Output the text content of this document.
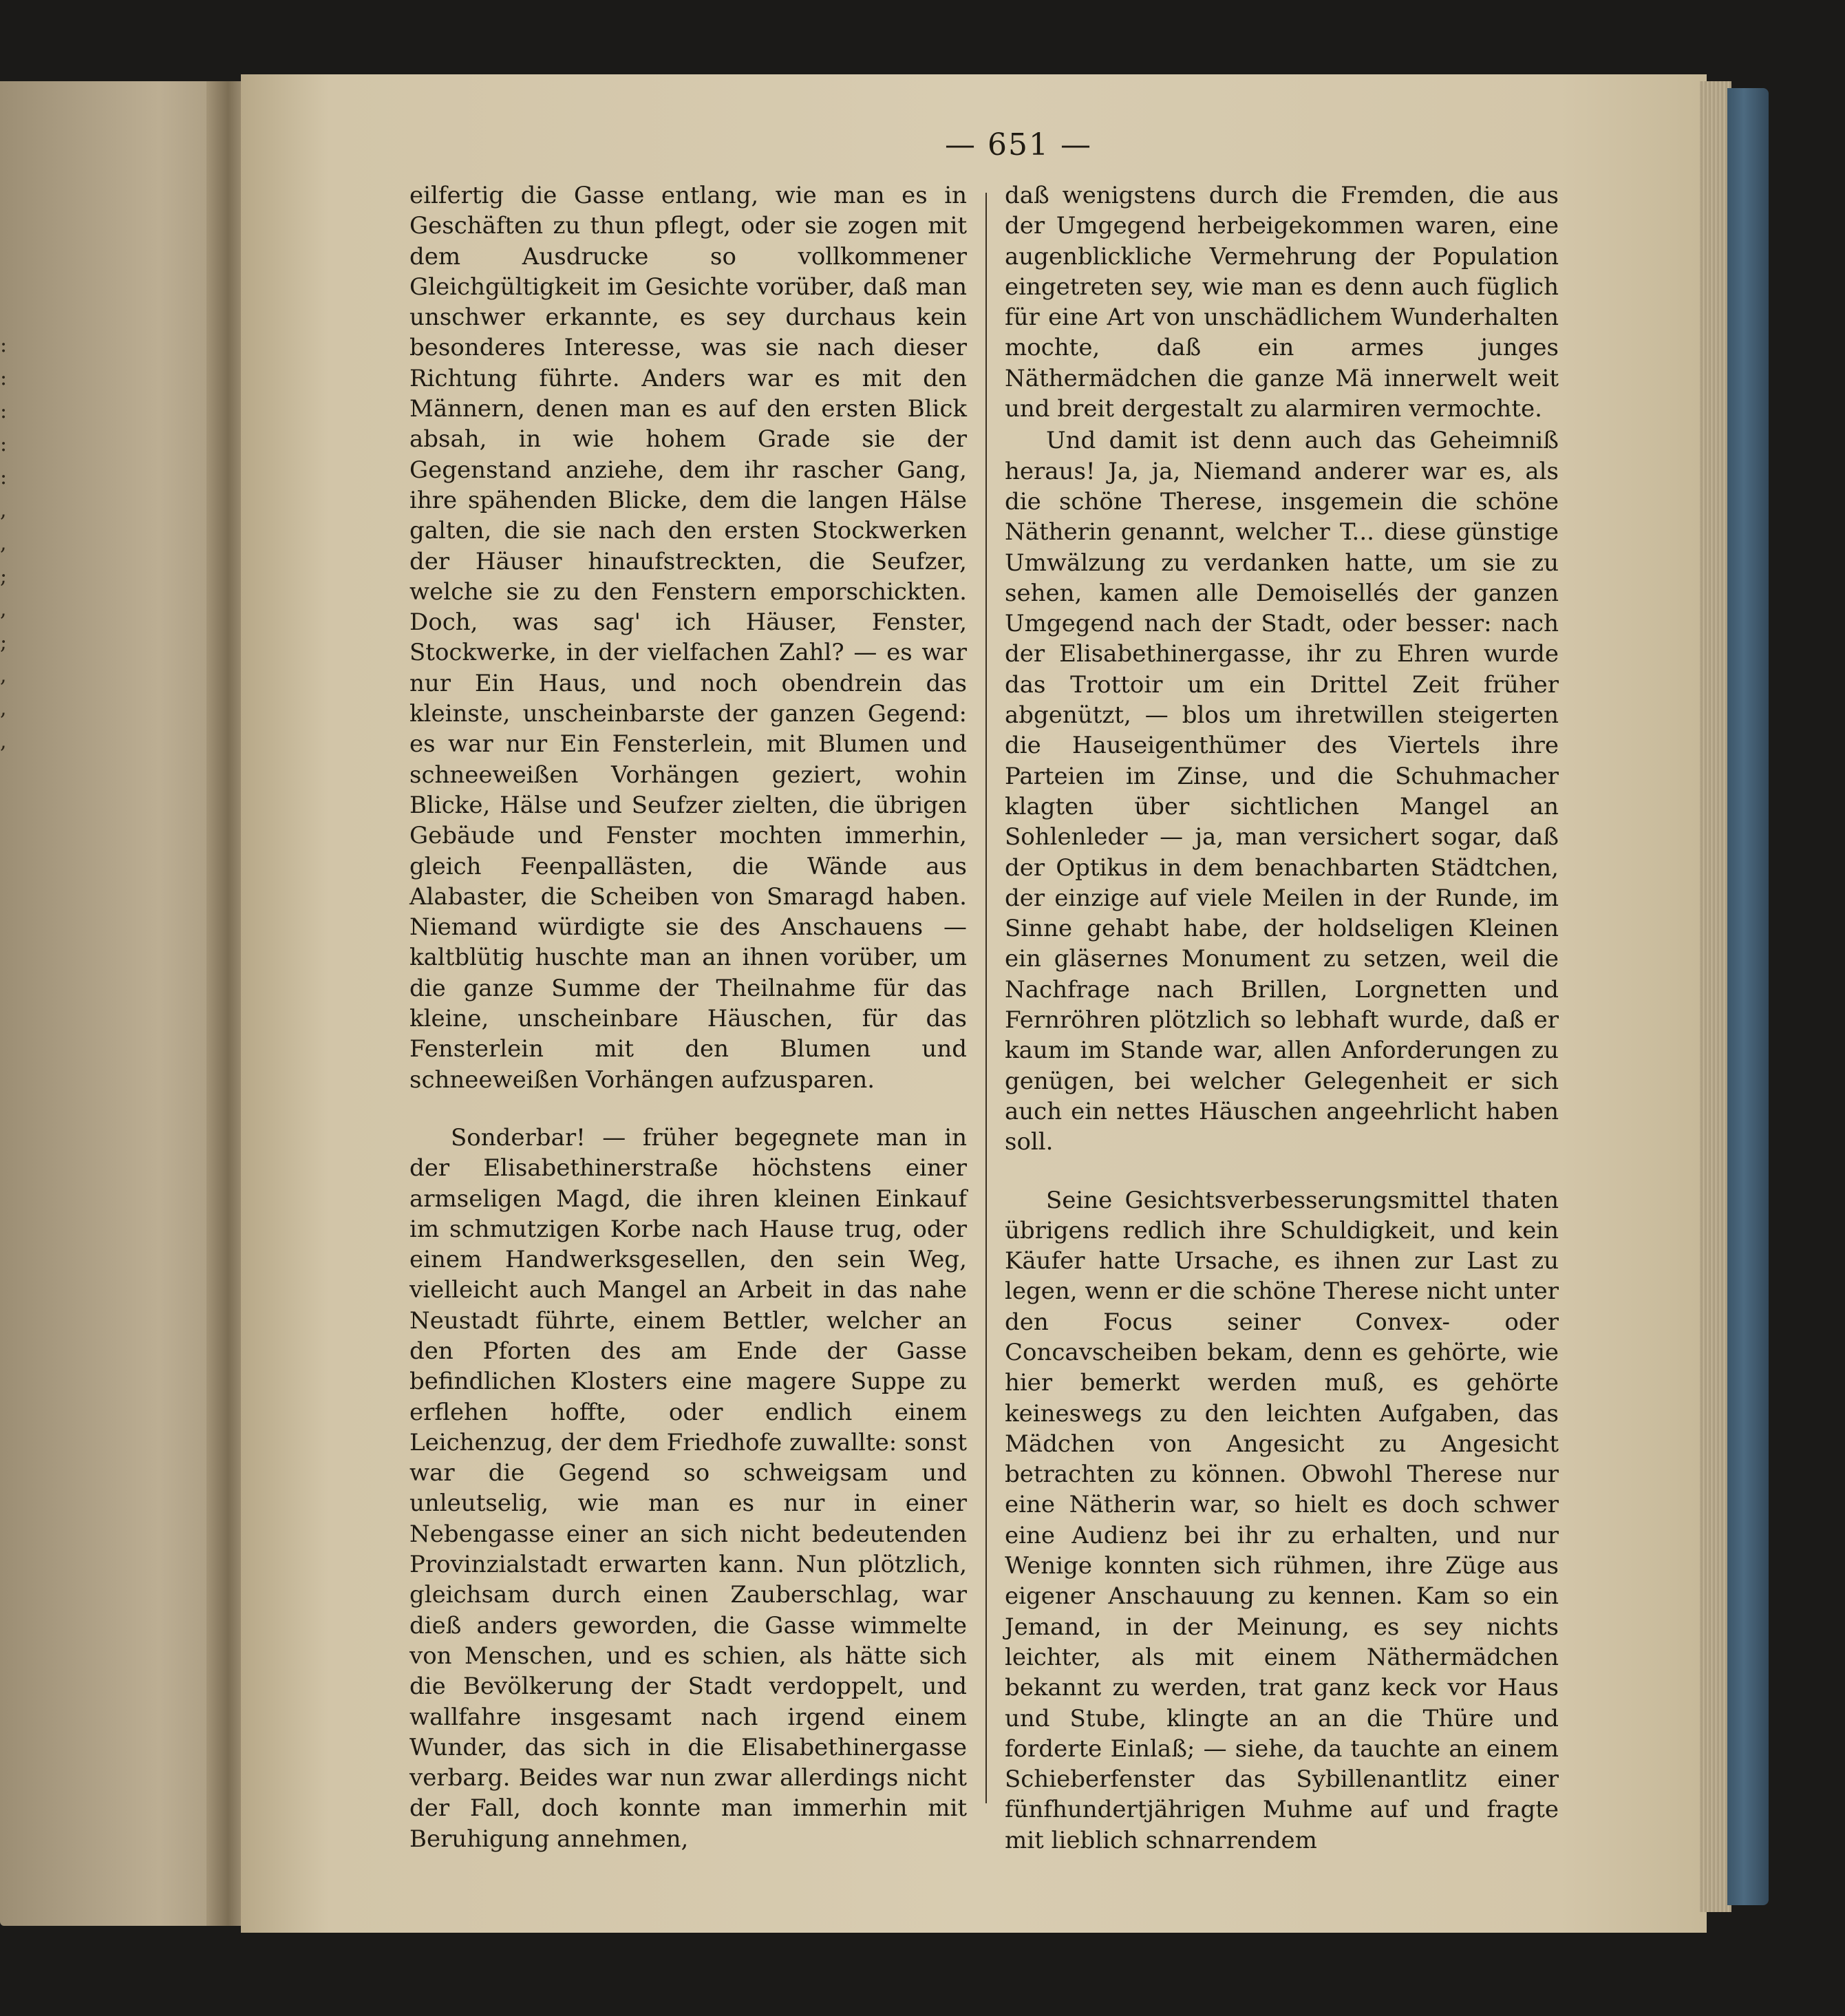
:
:
:
:
:
,
,
;
,
;
,
,
,
— 651 —

eilfertig die Gasse entlang, wie man es in Geschäften zu thun pflegt, oder sie zogen mit dem Ausdrucke so vollkommener Gleichgültigkeit im Gesichte vorüber, daß man unschwer erkannte, es sey durchaus kein besonderes Interesse, was sie nach dieser Richtung führte. Anders war es mit den Männern, denen man es auf den ersten Blick absah, in wie hohem Grade sie der Gegenstand anziehe, dem ihr rascher Gang, ihre spähenden Blicke, dem die langen Hälse galten, die sie nach den ersten Stockwerken der Häuser hinaufstreckten, die Seufzer, welche sie zu den Fenstern emporschickten. Doch, was sag' ich Häuser, Fenster, Stockwerke, in der vielfachen Zahl? — es war nur Ein Haus, und noch obendrein das kleinste, unscheinbarste der ganzen Gegend: es war nur Ein Fensterlein, mit Blumen und schneeweißen Vorhängen geziert, wohin Blicke, Hälse und Seufzer zielten, die übrigen Gebäude und Fenster mochten immerhin, gleich Feenpallästen, die Wände aus Alabaster, die Scheiben von Smaragd haben. Niemand würdigte sie des Anschauens — kaltblütig huschte man an ihnen vorüber, um die ganze Summe der Theilnahme für das kleine, unscheinbare Häuschen, für das Fensterlein mit den Blumen und schneeweißen Vorhängen aufzusparen.

Sonderbar! — früher begegnete man in der Elisabethinerstraße höchstens einer armseligen Magd, die ihren kleinen Einkauf im schmutzigen Korbe nach Hause trug, oder einem Handwerksgesellen, den sein Weg, vielleicht auch Mangel an Arbeit in das nahe Neustadt führte, einem Bettler, welcher an den Pforten des am Ende der Gasse befindlichen Klosters eine magere Suppe zu erflehen hoffte, oder endlich einem Leichenzug, der dem Friedhofe zuwallte: sonst war die Gegend so schweigsam und unleutselig, wie man es nur in einer Nebengasse einer an sich nicht bedeutenden Provinzialstadt erwarten kann. Nun plötzlich, gleichsam durch einen Zauberschlag, war dieß anders geworden, die Gasse wimmelte von Menschen, und es schien, als hätte sich die Bevölkerung der Stadt verdoppelt, und wallfahre insgesamt nach irgend einem Wunder, das sich in die Elisabethinergasse verbarg. Beides war nun zwar allerdings nicht der Fall, doch konnte man immerhin mit Beruhigung annehmen,

daß wenigstens durch die Fremden, die aus der Umgegend herbeigekommen waren, eine augenblickliche Vermehrung der Population eingetreten sey, wie man es denn auch füglich für eine Art von unschädlichem Wunderhalten mochte, daß ein armes junges Näthermädchen die ganze Mä innerwelt weit und breit dergestalt zu alarmiren vermochte.

Und damit ist denn auch das Geheimniß heraus! Ja, ja, Niemand anderer war es, als die schöne Therese, insgemein die schöne Nätherin genannt, welcher T... diese günstige Umwälzung zu verdanken hatte, um sie zu sehen, kamen alle Demoisellés der ganzen Umgegend nach der Stadt, oder besser: nach der Elisabethinergasse, ihr zu Ehren wurde das Trottoir um ein Drittel Zeit früher abgenützt, — blos um ihretwillen steigerten die Hauseigenthümer des Viertels ihre Parteien im Zinse, und die Schuhmacher klagten über sichtlichen Mangel an Sohlenleder — ja, man versichert sogar, daß der Optikus in dem benachbarten Städtchen, der einzige auf viele Meilen in der Runde, im Sinne gehabt habe, der holdseligen Kleinen ein gläsernes Monument zu setzen, weil die Nachfrage nach Brillen, Lorgnetten und Fernröhren plötzlich so lebhaft wurde, daß er kaum im Stande war, allen Anforderungen zu genügen, bei welcher Gelegenheit er sich auch ein nettes Häuschen angeehrlicht haben soll.

Seine Gesichtsverbesserungsmittel thaten übrigens redlich ihre Schuldigkeit, und kein Käufer hatte Ursache, es ihnen zur Last zu legen, wenn er die schöne Therese nicht unter den Focus seiner Convex- oder Concavscheiben bekam, denn es gehörte, wie hier bemerkt werden muß, es gehörte keineswegs zu den leichten Aufgaben, das Mädchen von Angesicht zu Angesicht betrachten zu können. Obwohl Therese nur eine Nätherin war, so hielt es doch schwer eine Audienz bei ihr zu erhalten, und nur Wenige konnten sich rühmen, ihre Züge aus eigener Anschauung zu kennen. Kam so ein Jemand, in der Meinung, es sey nichts leichter, als mit einem Näthermädchen bekannt zu werden, trat ganz keck vor Haus und Stube, klingte an an die Thüre und forderte Einlaß; — siehe, da tauchte an einem Schieberfenster das Sybillenantlitz einer fünfhundertjährigen Muhme auf und fragte mit lieblich schnarrendem
